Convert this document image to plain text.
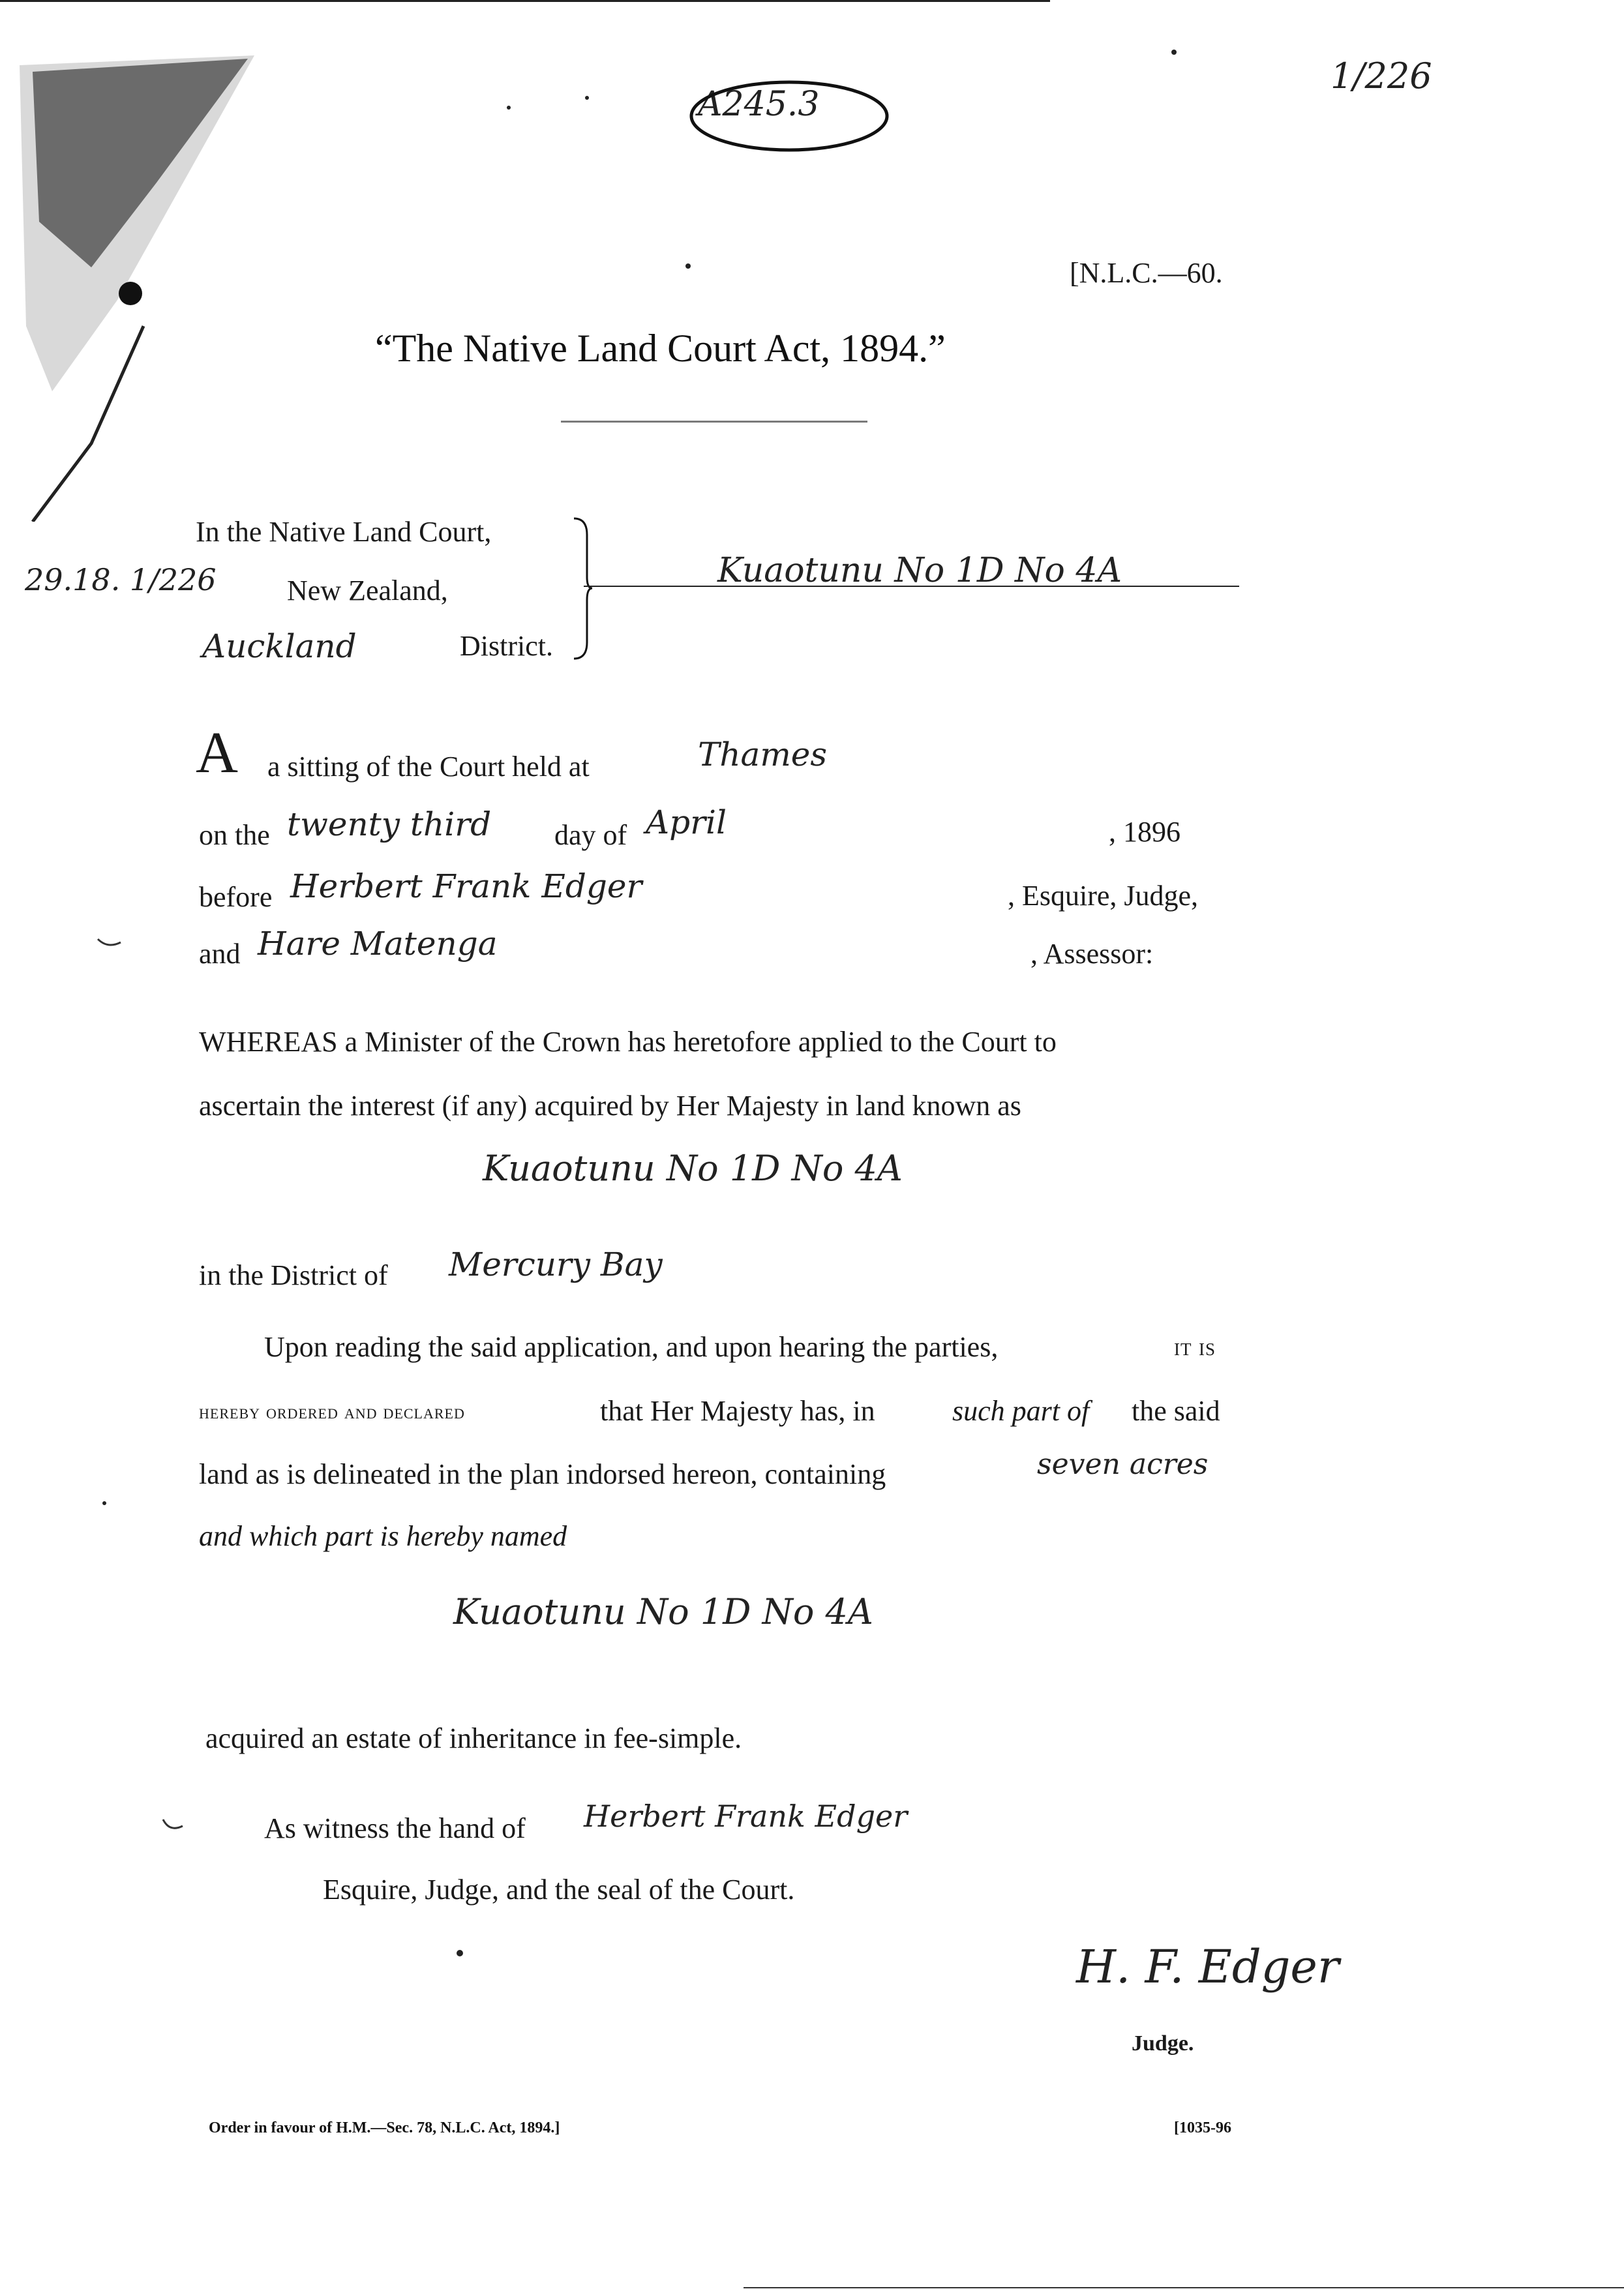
A245.3
1/226
[N.L.C.—60.
“The Native Land Court Act, 1894.”
29.18. 1/226
In the Native Land Court,
New Zealand,
Auckland	District.
Kuaotunu No 1D No 4A
A a sitting of the Court held at	Thames
on the twenty third day of April	, 1896
before Herbert Frank Edger	, Esquire, Judge,
and Hare Matenga	, Assessor:
WHEREAS a Minister of the Crown has heretofore applied to the Court to
ascertain the interest (if any) acquired by Her Majesty in land known as
Kuaotunu No 1D No 4A
in the District of Mercury Bay
Upon reading the said application, and upon hearing the parties,	it is
hereby ordered and declared	that Her Majesty has, in	such part of the said
land as is delineated in the plan indorsed hereon, containing	seven acres
and which part is hereby named
Kuaotunu No 1D No 4A
acquired an estate of inheritance in fee-simple.
As witness the hand of Herbert Frank Edger
Esquire, Judge, and the seal of the Court.
H. F. Edger
Judge.
Order in favour of H.M.—Sec. 78, N.L.C. Act, 1894.]	[1035-96
